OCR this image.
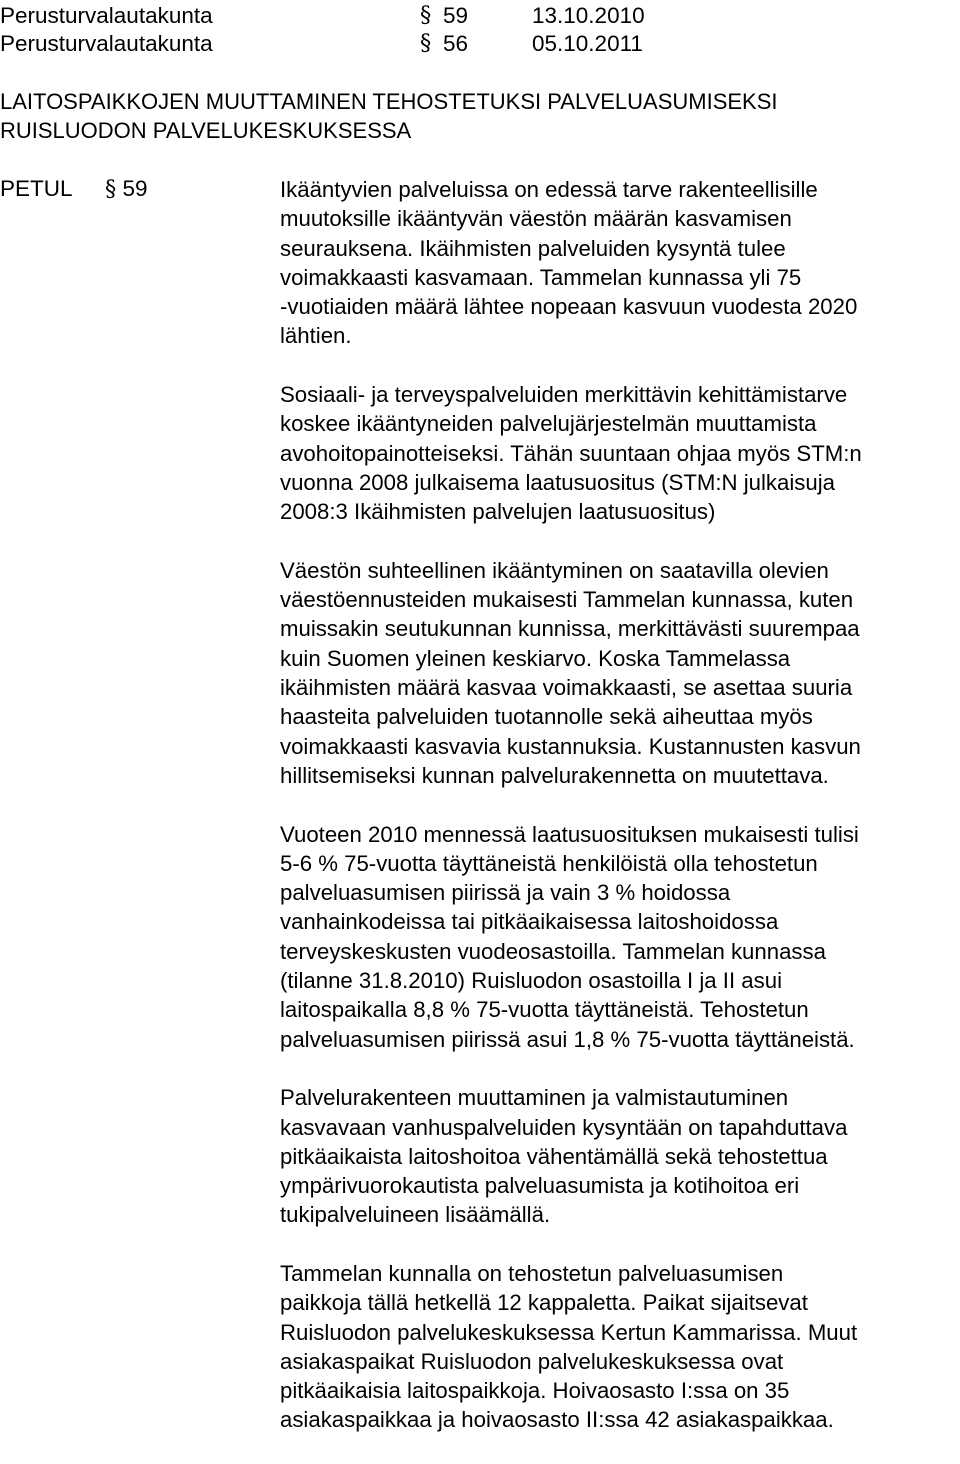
Perusturvalautakunta	§ 59	13.10.2010
Perusturvalautakunta	§ 56	05.10.2011
LAITOSPAIKKOJEN MUUTTAMINEN TEHOSTETUKSI PALVELUASUMISEKSI
RUISLUODON PALVELUKESKUKSESSA
PETUL § 59	Ikääntyvien palveluissa on edessä tarve rakenteellisille
muutoksille ikääntyvän väestön määrän kasvamisen
seurauksena. Ikäihmisten palveluiden kysyntä tulee
voimakkaasti kasvamaan. Tammelan kunnassa yli 75
-vuotiaiden määrä lähtee nopeaan kasvuun vuodesta 2020
lähtien.

Sosiaali- ja terveyspalveluiden merkittävin kehittämistarve
koskee ikääntyneiden palvelujärjestelmän muuttamista
avohoitopainotteiseksi. Tähän suuntaan ohjaa myös STM:n
vuonna 2008 julkaisema laatusuositus (STM:N julkaisuja
2008:3 Ikäihmisten palvelujen laatusuositus)

Väestön suhteellinen ikääntyminen on saatavilla olevien
väestöennusteiden mukaisesti Tammelan kunnassa, kuten
muissakin seutukunnan kunnissa, merkittävästi suurempaa
kuin Suomen yleinen keskiarvo. Koska Tammelassa
ikäihmisten määrä kasvaa voimakkaasti, se asettaa suuria
haasteita palveluiden tuotannolle sekä aiheuttaa myös
voimakkaasti kasvavia kustannuksia. Kustannusten kasvun
hillitsemiseksi kunnan palvelurakennetta on muutettava.

Vuoteen 2010 mennessä laatusuosituksen mukaisesti tulisi
5-6 % 75-vuotta täyttäneistä henkilöistä olla tehostetun
palveluasumisen piirissä ja vain 3 % hoidossa
vanhainkodeissa tai pitkäaikaisessa laitoshoidossa
terveyskeskusten vuodeosastoilla. Tammelan kunnassa
(tilanne 31.8.2010) Ruisluodon osastoilla I ja II asui
laitospaikalla 8,8 % 75-vuotta täyttäneistä. Tehostetun
palveluasumisen piirissä asui 1,8 % 75-vuotta täyttäneistä.

Palvelurakenteen muuttaminen ja valmistautuminen
kasvavaan vanhuspalveluiden kysyntään on tapahduttava
pitkäaikaista laitoshoitoa vähentämällä sekä tehostettua
ympärivuorokautista palveluasumista ja kotihoitoa eri
tukipalveluineen lisäämällä.

Tammelan kunnalla on tehostetun palveluasumisen
paikkoja tällä hetkellä 12 kappaletta. Paikat sijaitsevat
Ruisluodon palvelukeskuksessa Kertun Kammarissa. Muut
asiakaspaikat Ruisluodon palvelukeskuksessa ovat
pitkäaikaisia laitospaikkoja. Hoivaosasto I:ssa on 35
asiakaspaikkaa ja hoivaosasto II:ssa 42 asiakaspaikkaa.
